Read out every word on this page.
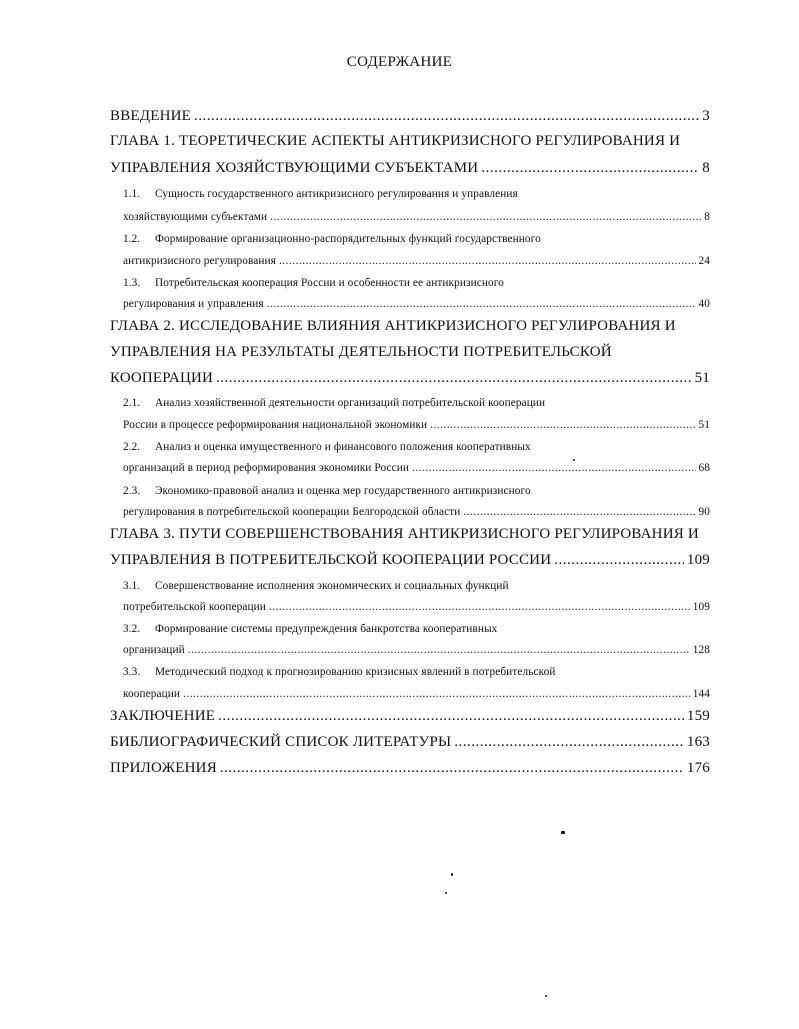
СОДЕРЖАНИЕ
ВВЕДЕНИЕ .....	3
ГЛАВА 1. ТЕОРЕТИЧЕСКИЕ АСПЕКТЫ АНТИКРИЗИСНОГО РЕГУЛИРОВАНИЯ И
УПРАВЛЕНИЯ ХОЗЯЙСТВУЮЩИМИ СУБЪЕКТАМИ .....	8
1.1.	Сущность государственного антикризисного регулирования и управления
хозяйствующими субъектами .....	8
1.2.	Формирование организационно-распорядительных функций государственного
антикризисного регулирования .....	24
1.3.	Потребительская кооперация России и особенности ее антикризисного
регулирования и управления .....	40
ГЛАВА 2. ИССЛЕДОВАНИЕ ВЛИЯНИЯ АНТИКРИЗИСНОГО РЕГУЛИРОВАНИЯ И
УПРАВЛЕНИЯ НА РЕЗУЛЬТАТЫ ДЕЯТЕЛЬНОСТИ ПОТРЕБИТЕЛЬСКОЙ
КООПЕРАЦИИ .....	51
2.1.	Анализ хозяйственной деятельности организаций потребительской кооперации
России в процессе реформирования национальной экономики .....	51
2.2.	Анализ и оценка имущественного и финансового положения кооперативных
организаций в период реформирования экономики России .....	68
2.3.	Экономико-правовой анализ и оценка мер государственного антикризисного
регулирования в потребительской кооперации Белгородской области .....	90
ГЛАВА 3. ПУТИ СОВЕРШЕНСТВОВАНИЯ АНТИКРИЗИСНОГО РЕГУЛИРОВАНИЯ И
УПРАВЛЕНИЯ В ПОТРЕБИТЕЛЬСКОЙ КООПЕРАЦИИ РОССИИ .....	109
3.1.	Совершенствование исполнения экономических и социальных функций
потребительской кооперации .....	109
3.2.	Формирование системы предупреждения банкротства кооперативных
организаций .....	128
3.3.	Методический подход к прогнозированию кризисных явлений в потребительской
кооперации .....	144
ЗАКЛЮЧЕНИЕ .....	159
БИБЛИОГРАФИЧЕСКИЙ СПИСОК ЛИТЕРАТУРЫ .....	163
ПРИЛОЖЕНИЯ .....	176
